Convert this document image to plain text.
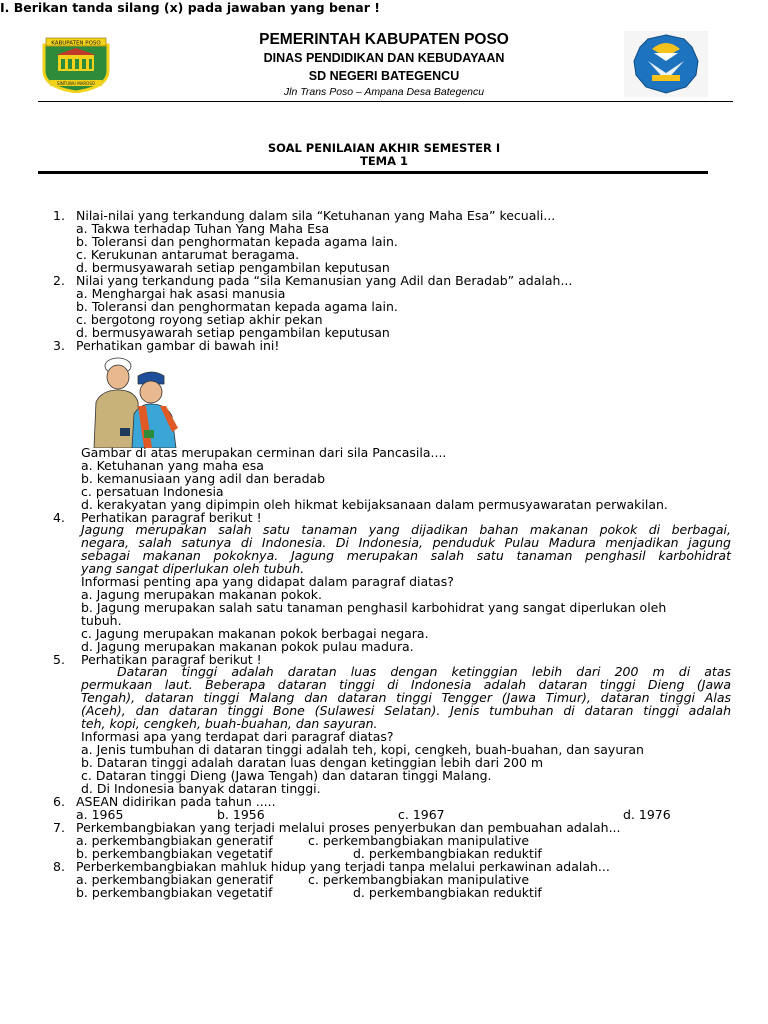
KABUPATEN POSO
SINTUWU MAROSO
PEMERINTAH KABUPATEN POSO
DINAS PENDIDIKAN DAN KEBUDAYAAN
SD NEGERI BATEGENCU
Jln Trans Poso – Ampana Desa Bategencu
SOAL PENILAIAN AKHIR SEMESTER I
TEMA 1
I. Berikan tanda silang (x) pada jawaban yang benar !
1. Nilai-nilai yang terkandung dalam sila “Ketuhanan yang Maha Esa” kecuali...
a. Takwa terhadap Tuhan Yang Maha Esa
b. Toleransi dan penghormatan kepada agama lain.
c. Kerukunan antarumat beragama.
d. bermusyawarah setiap pengambilan keputusan
2. Nilai yang terkandung pada “sila Kemanusian yang Adil dan Beradab” adalah...
a. Menghargai hak asasi manusia
b. Toleransi dan penghormatan kepada agama lain.
c. bergotong royong setiap akhir pekan
d. bermusyawarah setiap pengambilan keputusan
3. Perhatikan gambar di bawah ini!
Gambar di atas merupakan cerminan dari sila Pancasila....
a. Ketuhanan yang maha esa
b. kemanusiaan yang adil dan beradab
c. persatuan Indonesia
d. kerakyatan yang dipimpin oleh hikmat kebijaksanaan dalam permusyawaratan perwakilan.
4. Perhatikan paragraf berikut !
Jagung merupakan salah satu tanaman yang dijadikan bahan makanan pokok di berbagai,
negara, salah satunya di Indonesia. Di Indonesia, penduduk Pulau Madura menjadikan jagung
sebagai makanan pokoknya. Jagung merupakan salah satu tanaman penghasil karbohidrat
yang sangat diperlukan oleh tubuh.
Informasi penting apa yang didapat dalam paragraf diatas?
a. Jagung merupakan makanan pokok.
b. Jagung merupakan salah satu tanaman penghasil karbohidrat yang sangat diperlukan oleh
tubuh.
c. Jagung merupakan makanan pokok berbagai negara.
d. Jagung merupakan makanan pokok pulau madura.
5. Perhatikan paragraf berikut !
Dataran tinggi adalah daratan luas dengan ketinggian lebih dari 200 m di atas
permukaan laut. Beberapa dataran tinggi di Indonesia adalah dataran tinggi Dieng (Jawa
Tengah), dataran tinggi Malang dan dataran tinggi Tengger (Jawa Timur), dataran tinggi Alas
(Aceh), dan dataran tinggi Bone (Sulawesi Selatan). Jenis tumbuhan di dataran tinggi adalah
teh, kopi, cengkeh, buah-buahan, dan sayuran.
Informasi apa yang terdapat dari paragraf diatas?
a. Jenis tumbuhan di dataran tinggi adalah teh, kopi, cengkeh, buah-buahan, dan sayuran
b. Dataran tinggi adalah daratan luas dengan ketinggian lebih dari 200 m
c. Dataran tinggi Dieng (Jawa Tengah) dan dataran tinggi Malang.
d. Di Indonesia banyak dataran tinggi.
6. ASEAN didirikan pada tahun .....
a. 1965	b. 1956	c. 1967	d. 1976
7. Perkembangbiakan yang terjadi melalui proses penyerbukan dan pembuahan adalah...
a. perkembangbiakan generatif	c. perkembangbiakan manipulative
b. perkembangbiakan vegetatif	d. perkembangbiakan reduktif
8. Perberkembangbiakan mahluk hidup yang terjadi tanpa melalui perkawinan adalah...
a. perkembangbiakan generatif	c. perkembangbiakan manipulative
b. perkembangbiakan vegetatif	d. perkembangbiakan reduktif
